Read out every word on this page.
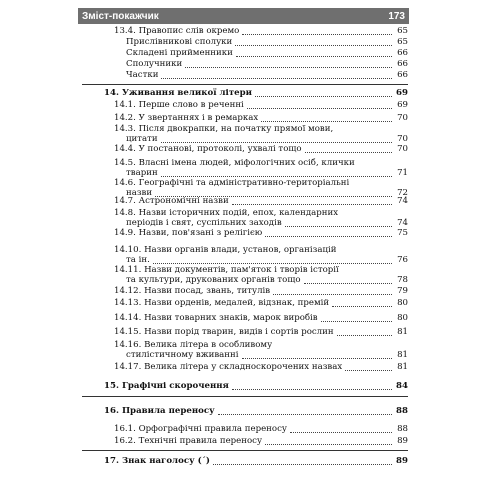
Зміст-покажчик	173
13.4. Правопис слів окремо	65
Прислівникові сполуки	65
Складені прийменники	66
Сполучники	66
Частки	66
14. Уживання великої літери	69
14.1. Перше слово в реченні	69
14.2. У звертаннях і в ремарках	70
14.3. Після двокрапки, на початку прямої мови,
цитати	70
14.4. У постанові, протоколі, ухвалі тощо	70
14.5. Власні імена людей, міфологічних осіб, клички
тварин	71
14.6. Географічні та адміністративно-територіальні
назви	72
14.7. Астрономічні назви	74
14.8. Назви історичних подій, епох, календарних
періодів і свят, суспільних заходів	74
14.9. Назви, пов'язані з релігією	75
14.10. Назви органів влади, установ, організацій
та ін.	76
14.11. Назви документів, пам'яток і творів історії
та культури, друкованих органів тощо	78
14.12. Назви посад, звань, титулів	79
14.13. Назви орденів, медалей, відзнак, премій	80
14.14. Назви товарних знаків, марок виробів	80
14.15. Назви порід тварин, видів і сортів рослин	81
14.16. Велика літера в особливому
стилістичному вживанні	81
14.17. Велика літера у складноскорочених назвах	81
15. Графічні скорочення	84
16. Правила переносу	88
16.1. Орфографічні правила переносу	88
16.2. Технічні правила переносу	89
17. Знак наголосу (´)	89
